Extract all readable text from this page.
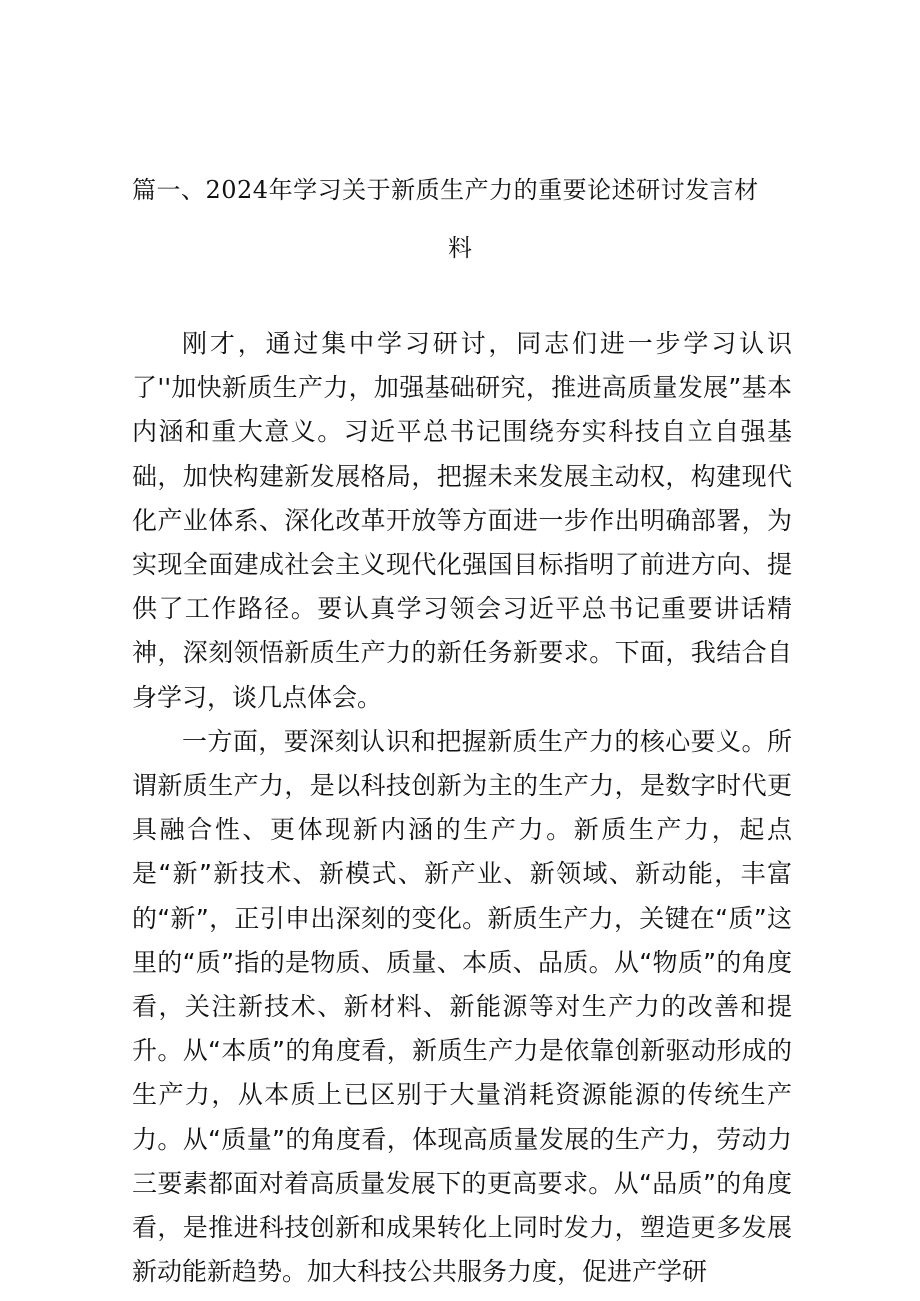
篇一、2024年学习关于新质生产力的重要论述研讨发言材
料

刚才，通过集中学习研讨，同志们进一步学习认识了''加快新质生产力，加强基础研究，推进高质量发展”基本内涵和重大意义。习近平总书记围绕夯实科技自立自强基础，加快构建新发展格局，把握未来发展主动权，构建现代化产业体系、深化改革开放等方面进一步作出明确部署，为实现全面建成社会主义现代化强国目标指明了前进方向、提供了工作路径。要认真学习领会习近平总书记重要讲话精神，深刻领悟新质生产力的新任务新要求。下面，我结合自身学习，谈几点体会。

一方面，要深刻认识和把握新质生产力的核心要义。所谓新质生产力，是以科技创新为主的生产力，是数字时代更具融合性、更体现新内涵的生产力。新质生产力，起点是“新”新技术、新模式、新产业、新领域、新动能，丰富的“新”，正引申出深刻的变化。新质生产力，关键在“质”这里的“质”指的是物质、质量、本质、品质。从“物质”的角度看，关注新技术、新材料、新能源等对生产力的改善和提升。从“本质”的角度看，新质生产力是依靠创新驱动形成的生产力，从本质上已区别于大量消耗资源能源的传统生产力。从“质量”的角度看，体现高质量发展的生产力，劳动力三要素都面对着高质量发展下的更高要求。从“品质”的角度看，是推进科技创新和成果转化上同时发力，塑造更多发展新动能新趋势。加大科技公共服务力度，促进产学研
